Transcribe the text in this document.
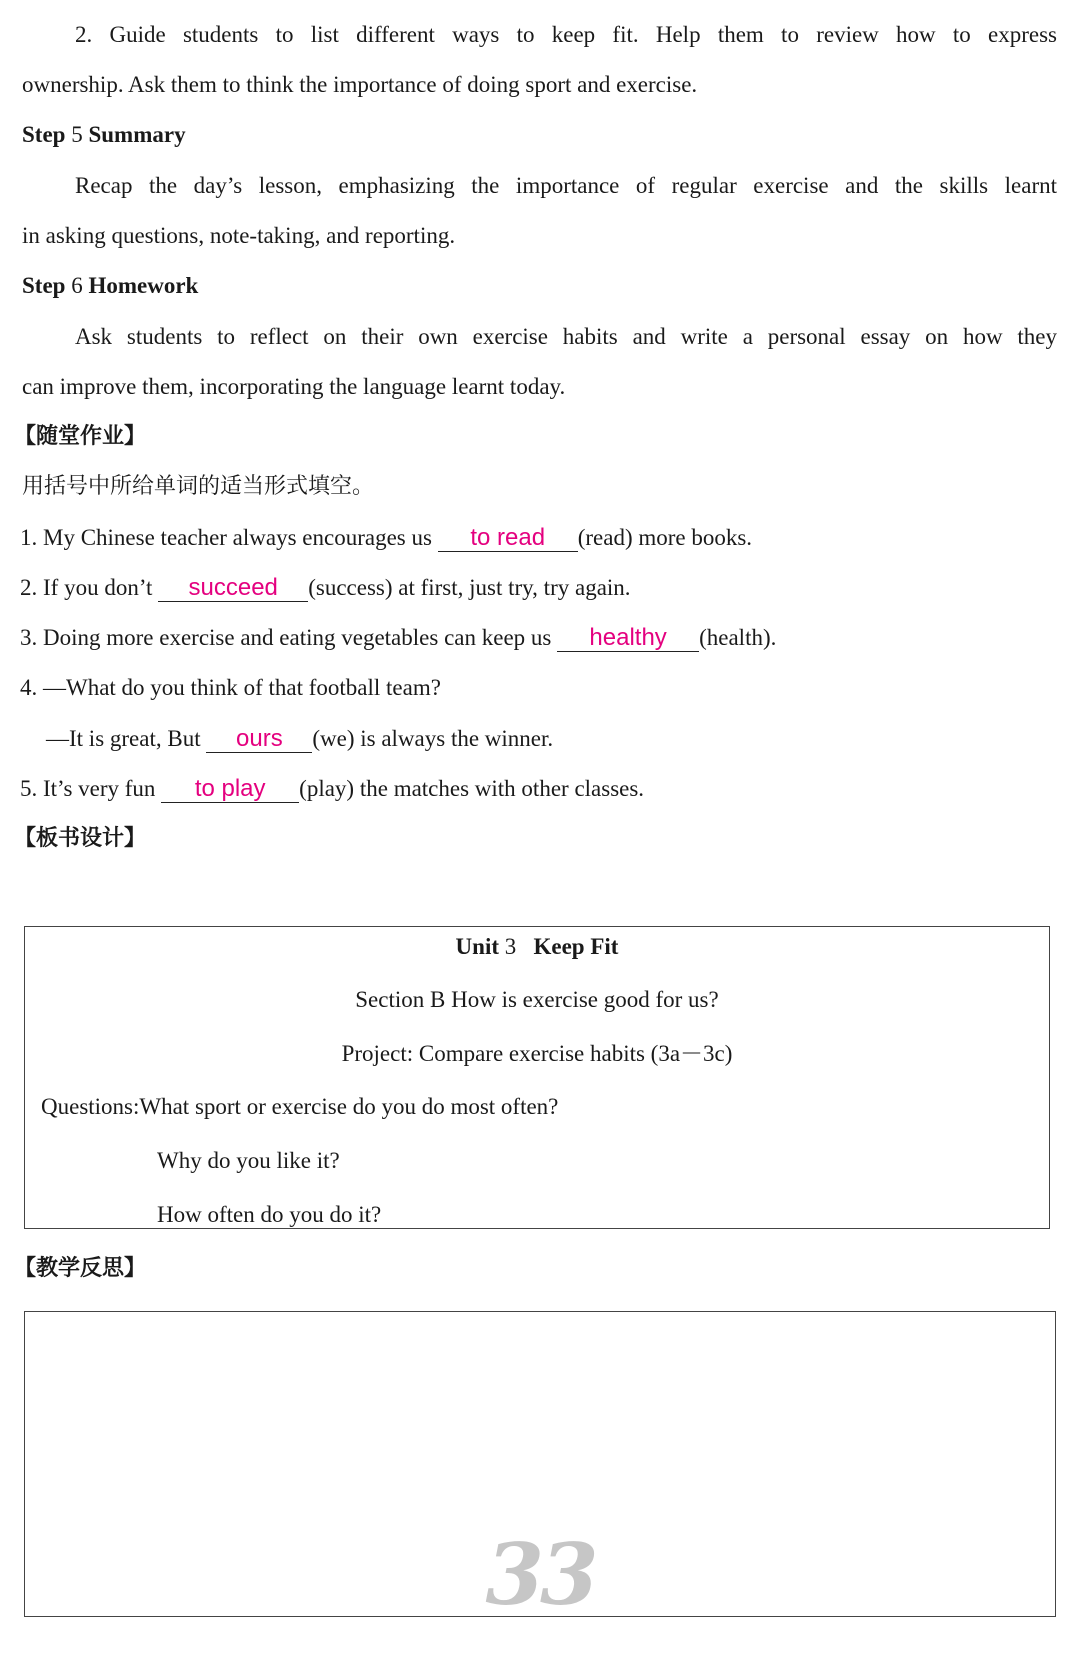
2. Guide students to list different ways to keep fit. Help them to review how to express
ownership. Ask them to think the importance of doing sport and exercise.
Step 5 Summary
Recap the day’s lesson, emphasizing the importance of regular exercise and the skills learnt
in asking questions, note-taking, and reporting.
Step 6 Homework
Ask students to reflect on their own exercise habits and write a personal essay on how they
can improve them, incorporating the language learnt today.
【随堂作业】
用括号中所给单词的适当形式填空。
1. My Chinese teacher always encourages us to read (read) more books.
2. If you don’t succeed (success) at first, just try, try again.
3. Doing more exercise and eating vegetables can keep us healthy (health).
4. —What do you think of that football team?
—It is great, But ours (we) is always the winner.
5. It’s very fun to play (play) the matches with other classes.
【板书设计】
Unit 3 Keep Fit
Section B How is exercise good for us?
Project: Compare exercise habits (3a－3c)
Questions:What sport or exercise do you do most often?
Why do you like it?
How often do you do it?
【教学反思】
33
